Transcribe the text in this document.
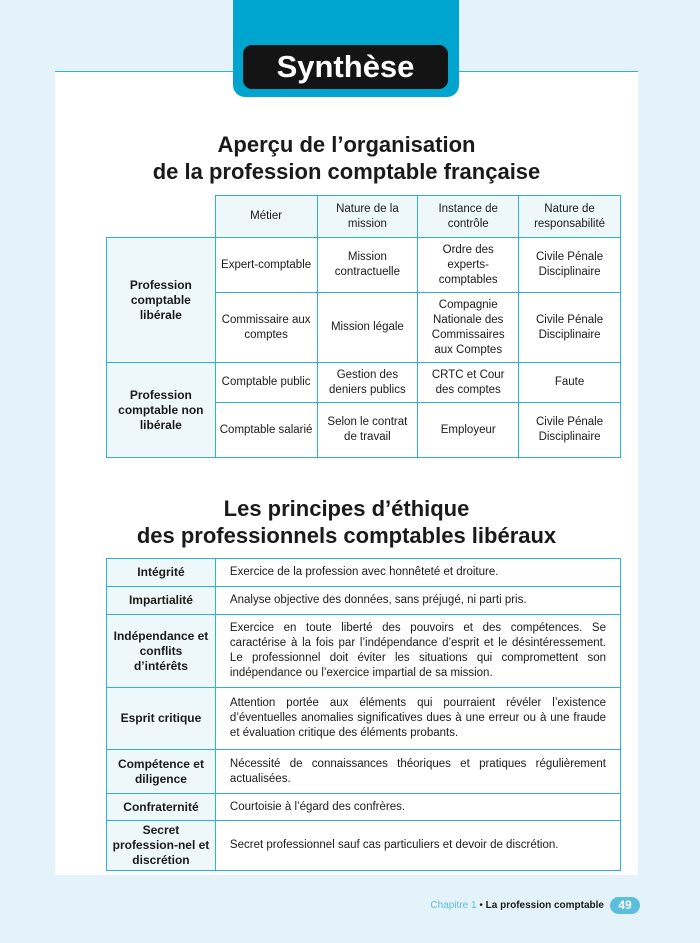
Synthèse
Aperçu de l’organisation
de la profession comptable française
	Métier	Nature de la mission	Instance de contrôle	Nature de responsabilité
Profession comptable libérale	Expert-comptable	Mission contractuelle	Ordre des experts-comptables	Civile Pénale Disciplinaire
	Commissaire aux comptes	Mission légale	Compagnie Nationale des Commissaires aux Comptes	Civile Pénale Disciplinaire
Profession comptable non libérale	Comptable public	Gestion des deniers publics	CRTC et Cour des comptes	Faute
	Comptable salarié	Selon le contrat de travail	Employeur	Civile Pénale Disciplinaire
Les principes d’éthique
des professionnels comptables libéraux
Intégrité	Exercice de la profession avec honnêteté et droiture.
Impartialité	Analyse objective des données, sans préjugé, ni parti pris.
Indépendance et conflits d’intérêts	Exercice en toute liberté des pouvoirs et des compétences. Se caractérise à la fois par l’indépendance d’esprit et le désintéressement. Le professionnel doit éviter les situations qui compromettent son indépendance ou l’exercice impartial de sa mission.
Esprit critique	Attention portée aux éléments qui pourraient révéler l’existence d’éventuelles anomalies significatives dues à une erreur ou à une fraude et évaluation critique des éléments probants.
Compétence et diligence	Nécessité de connaissances théoriques et pratiques régulièrement actualisées.
Confraternité	Courtoisie à l’égard des confrères.
Secret profession-nel et discrétion	Secret professionnel sauf cas particuliers et devoir de discrétion.
Chapitre 1 • La profession comptable	49
